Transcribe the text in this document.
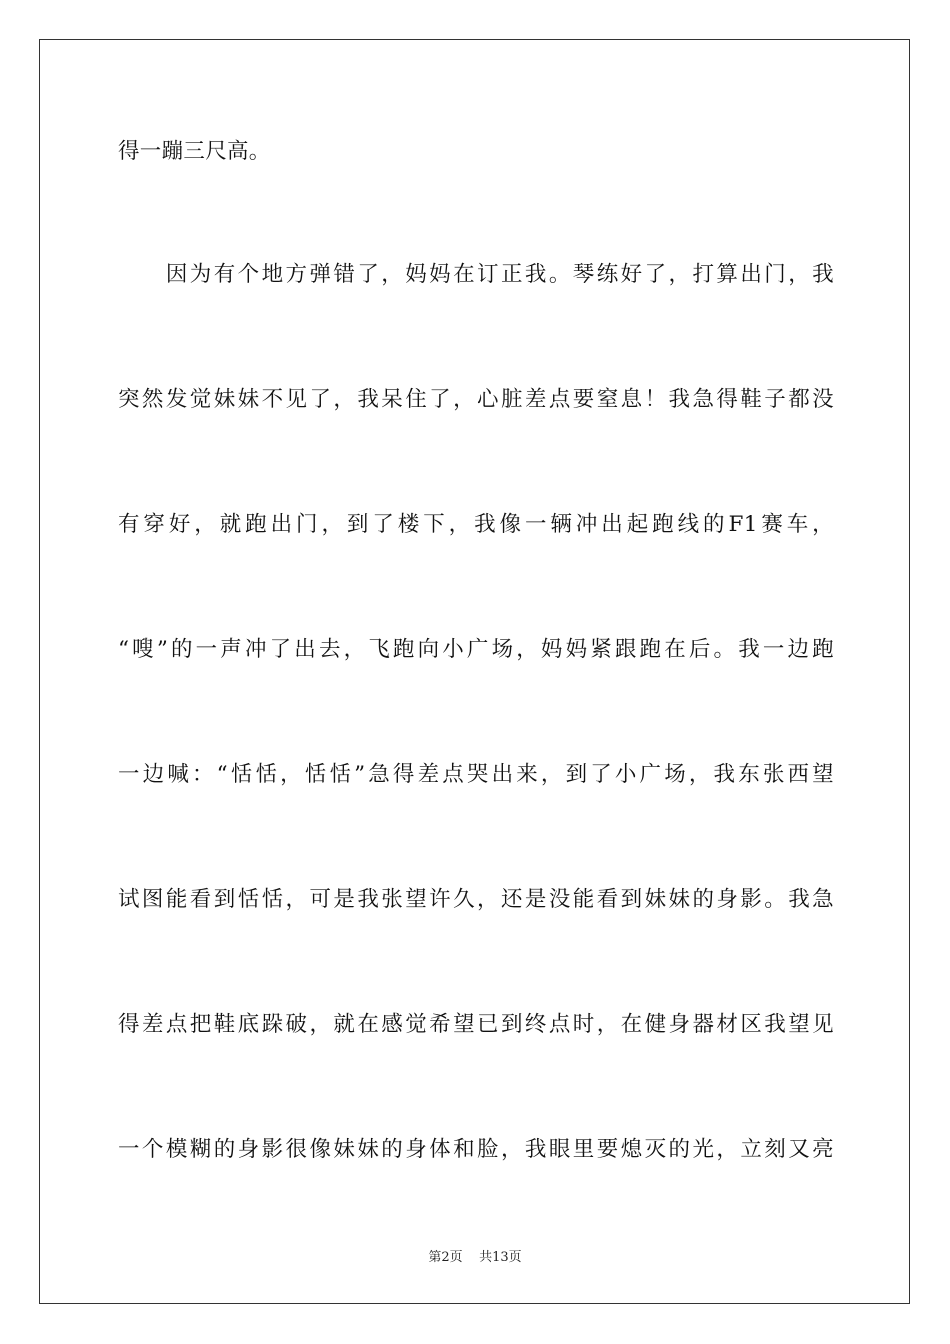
得一蹦三尺高。
　　因为有个地方弹错了，妈妈在订正我。琴练好了，打算出门，我
突然发觉妹妹不见了，我呆住了，心脏差点要窒息！我急得鞋子都没
有穿好，就跑出门，到了楼下，我像一辆冲出起跑线的F1赛车，
“嗖”的一声冲了出去，飞跑向小广场，妈妈紧跟跑在后。我一边跑
一边喊：“恬恬，恬恬”急得差点哭出来，到了小广场，我东张西望
试图能看到恬恬，可是我张望许久，还是没能看到妹妹的身影。我急
得差点把鞋底跺破，就在感觉希望已到终点时，在健身器材区我望见
一个模糊的身影很像妹妹的身体和脸，我眼里要熄灭的光，立刻又亮
第2页 共13页
